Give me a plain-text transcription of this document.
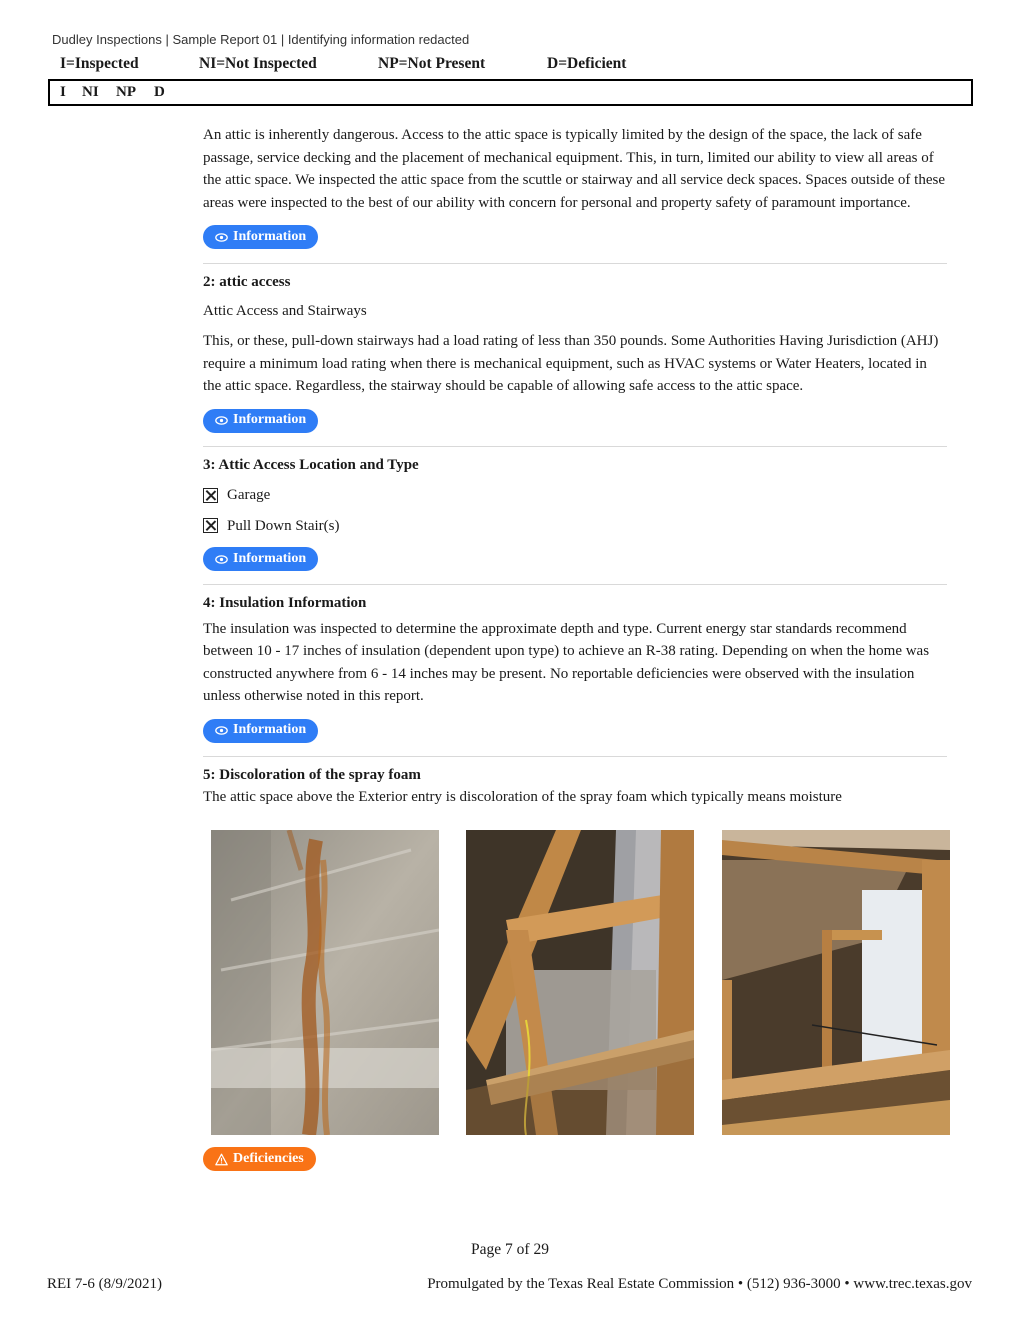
Dudley Inspections | Sample Report 01 | Identifying information redacted
I=Inspected	NI=Not Inspected	NP=Not Present	D=Deficient
I NI NP D

An attic is inherently dangerous. Access to the attic space is typically limited by the design of the space, the lack of safe passage, service decking and the placement of mechanical equipment. This, in turn, limited our ability to view all areas of the attic space. We inspected the attic space from the scuttle or stairway and all service deck spaces. Spaces outside of these areas were inspected to the best of our ability with concern for personal and property safety of paramount importance.

Information
2: attic access
Attic Access and Stairways

This, or these, pull-down stairways had a load rating of less than 350 pounds. Some Authorities Having Jurisdiction (AHJ) require a minimum load rating when there is mechanical equipment, such as HVAC systems or Water Heaters, located in the attic space. Regardless, the stairway should be capable of allowing safe access to the attic space.

Information
3: Attic Access Location and Type
Garage
Pull Down Stair(s)
Information
4: Insulation Information

The insulation was inspected to determine the approximate depth and type. Current energy star standards recommend between 10 - 17 inches of insulation (dependent upon type) to achieve an R-38 rating. Depending on when the home was constructed anywhere from 6 - 14 inches may be present. No reportable deficiencies were observed with the insulation unless otherwise noted in this report.

Information
5: Discoloration of the spray foam

The attic space above the Exterior entry is discoloration of the spray foam which typically means moisture

Deficiencies
Page 7 of 29
REI 7-6 (8/9/2021)	Promulgated by the Texas Real Estate Commission • (512) 936-3000 • www.trec.texas.gov
